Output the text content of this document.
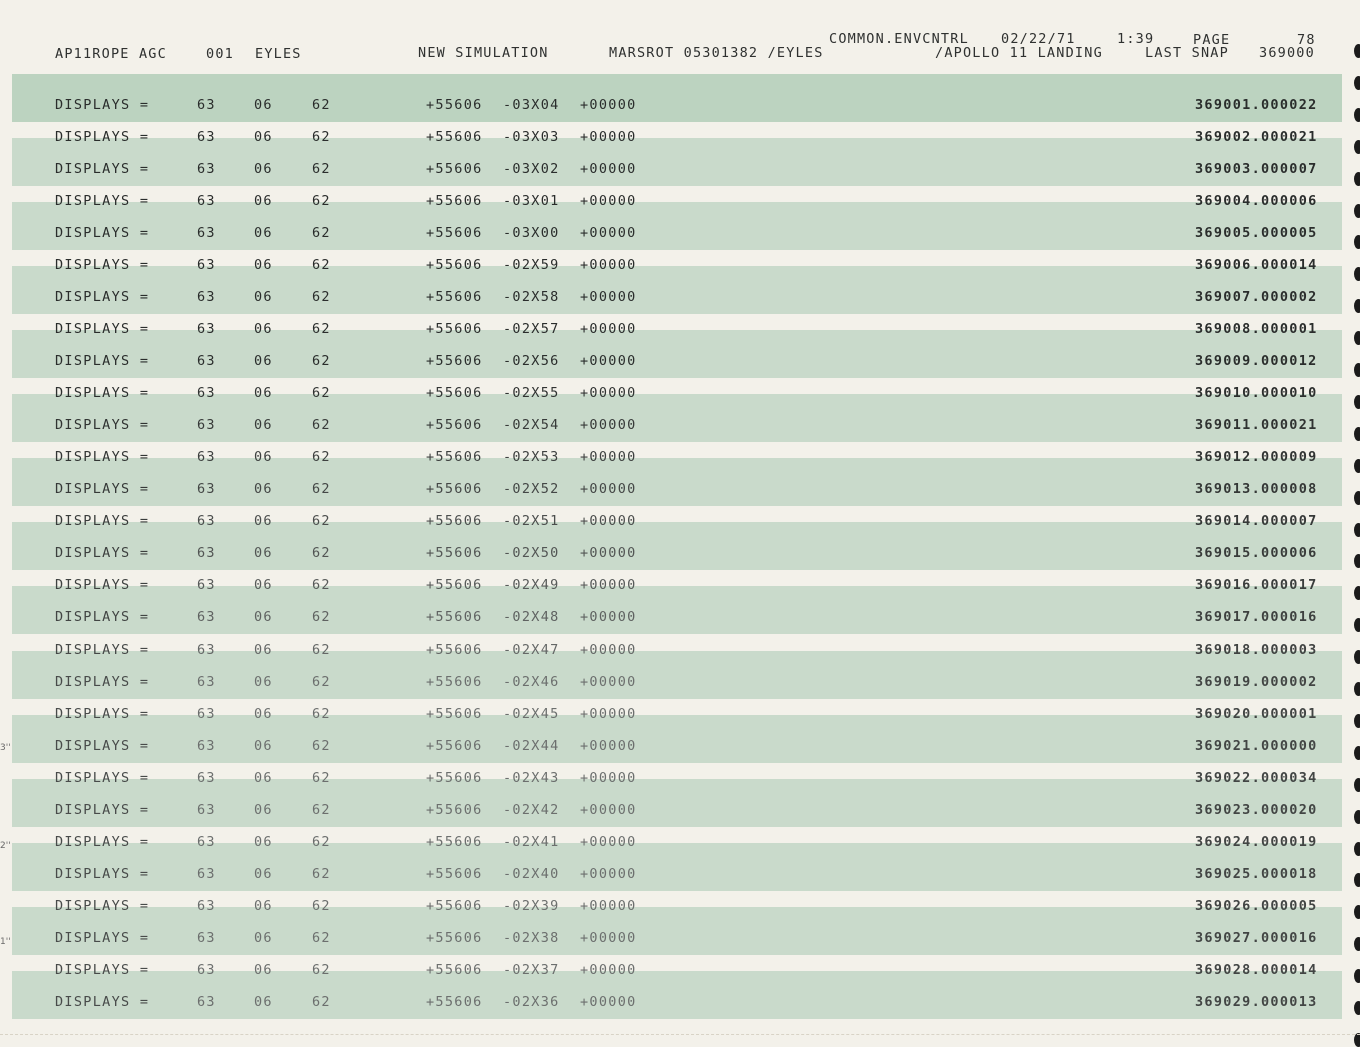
AP11ROPE AGC	001 EYLES	NEW SIMULATION	MARSROT 05301382 /EYLES
COMMON.ENVCNTRL 02/22/71	1:39	PAGE	78
/APOLLO 11 LANDING	LAST SNAP 369000
DISPLAYS =	63	06	62	+55606 -03X04 +00000	369001.000022
DISPLAYS =	63	06	62	+55606 -03X03 +00000	369002.000021
DISPLAYS =	63	06	62	+55606 -03X02 +00000	369003.000007
DISPLAYS =	63	06	62	+55606 -03X01 +00000	369004.000006
DISPLAYS =	63	06	62	+55606 -03X00 +00000	369005.000005
DISPLAYS =	63	06	62	+55606 -02X59 +00000	369006.000014
DISPLAYS =	63	06	62	+55606 -02X58 +00000	369007.000002
DISPLAYS =	63	06	62	+55606 -02X57 +00000	369008.000001
DISPLAYS =	63	06	62	+55606 -02X56 +00000	369009.000012
DISPLAYS =	63	06	62	+55606 -02X55 +00000	369010.000010
DISPLAYS =	63	06	62	+55606 -02X54 +00000	369011.000021
DISPLAYS =	63	06	62	+55606 -02X53 +00000	369012.000009
DISPLAYS =	63	06	62	+55606 -02X52 +00000	369013.000008
DISPLAYS =	63	06	62	+55606 -02X51 +00000	369014.000007
DISPLAYS =	63	06	62	+55606 -02X50 +00000	369015.000006
DISPLAYS =	63	06	62	+55606 -02X49 +00000	369016.000017
DISPLAYS =	63	06	62	+55606 -02X48 +00000	369017.000016
DISPLAYS =	63	06	62	+55606 -02X47 +00000	369018.000003
DISPLAYS =	63	06	62	+55606 -02X46 +00000	369019.000002
DISPLAYS =	63	06	62	+55606 -02X45 +00000	369020.000001
DISPLAYS =	63	06	62	+55606 -02X44 +00000	369021.000000
DISPLAYS =	63	06	62	+55606 -02X43 +00000	369022.000034
DISPLAYS =	63	06	62	+55606 -02X42 +00000	369023.000020
DISPLAYS =	63	06	62	+55606 -02X41 +00000	369024.000019
DISPLAYS =	63	06	62	+55606 -02X40 +00000	369025.000018
DISPLAYS =	63	06	62	+55606 -02X39 +00000	369026.000005
DISPLAYS =	63	06	62	+55606 -02X38 +00000	369027.000016
DISPLAYS =	63	06	62	+55606 -02X37 +00000	369028.000014
DISPLAYS =	63	06	62	+55606 -02X36 +00000	369029.000013
3''
2''
1''
